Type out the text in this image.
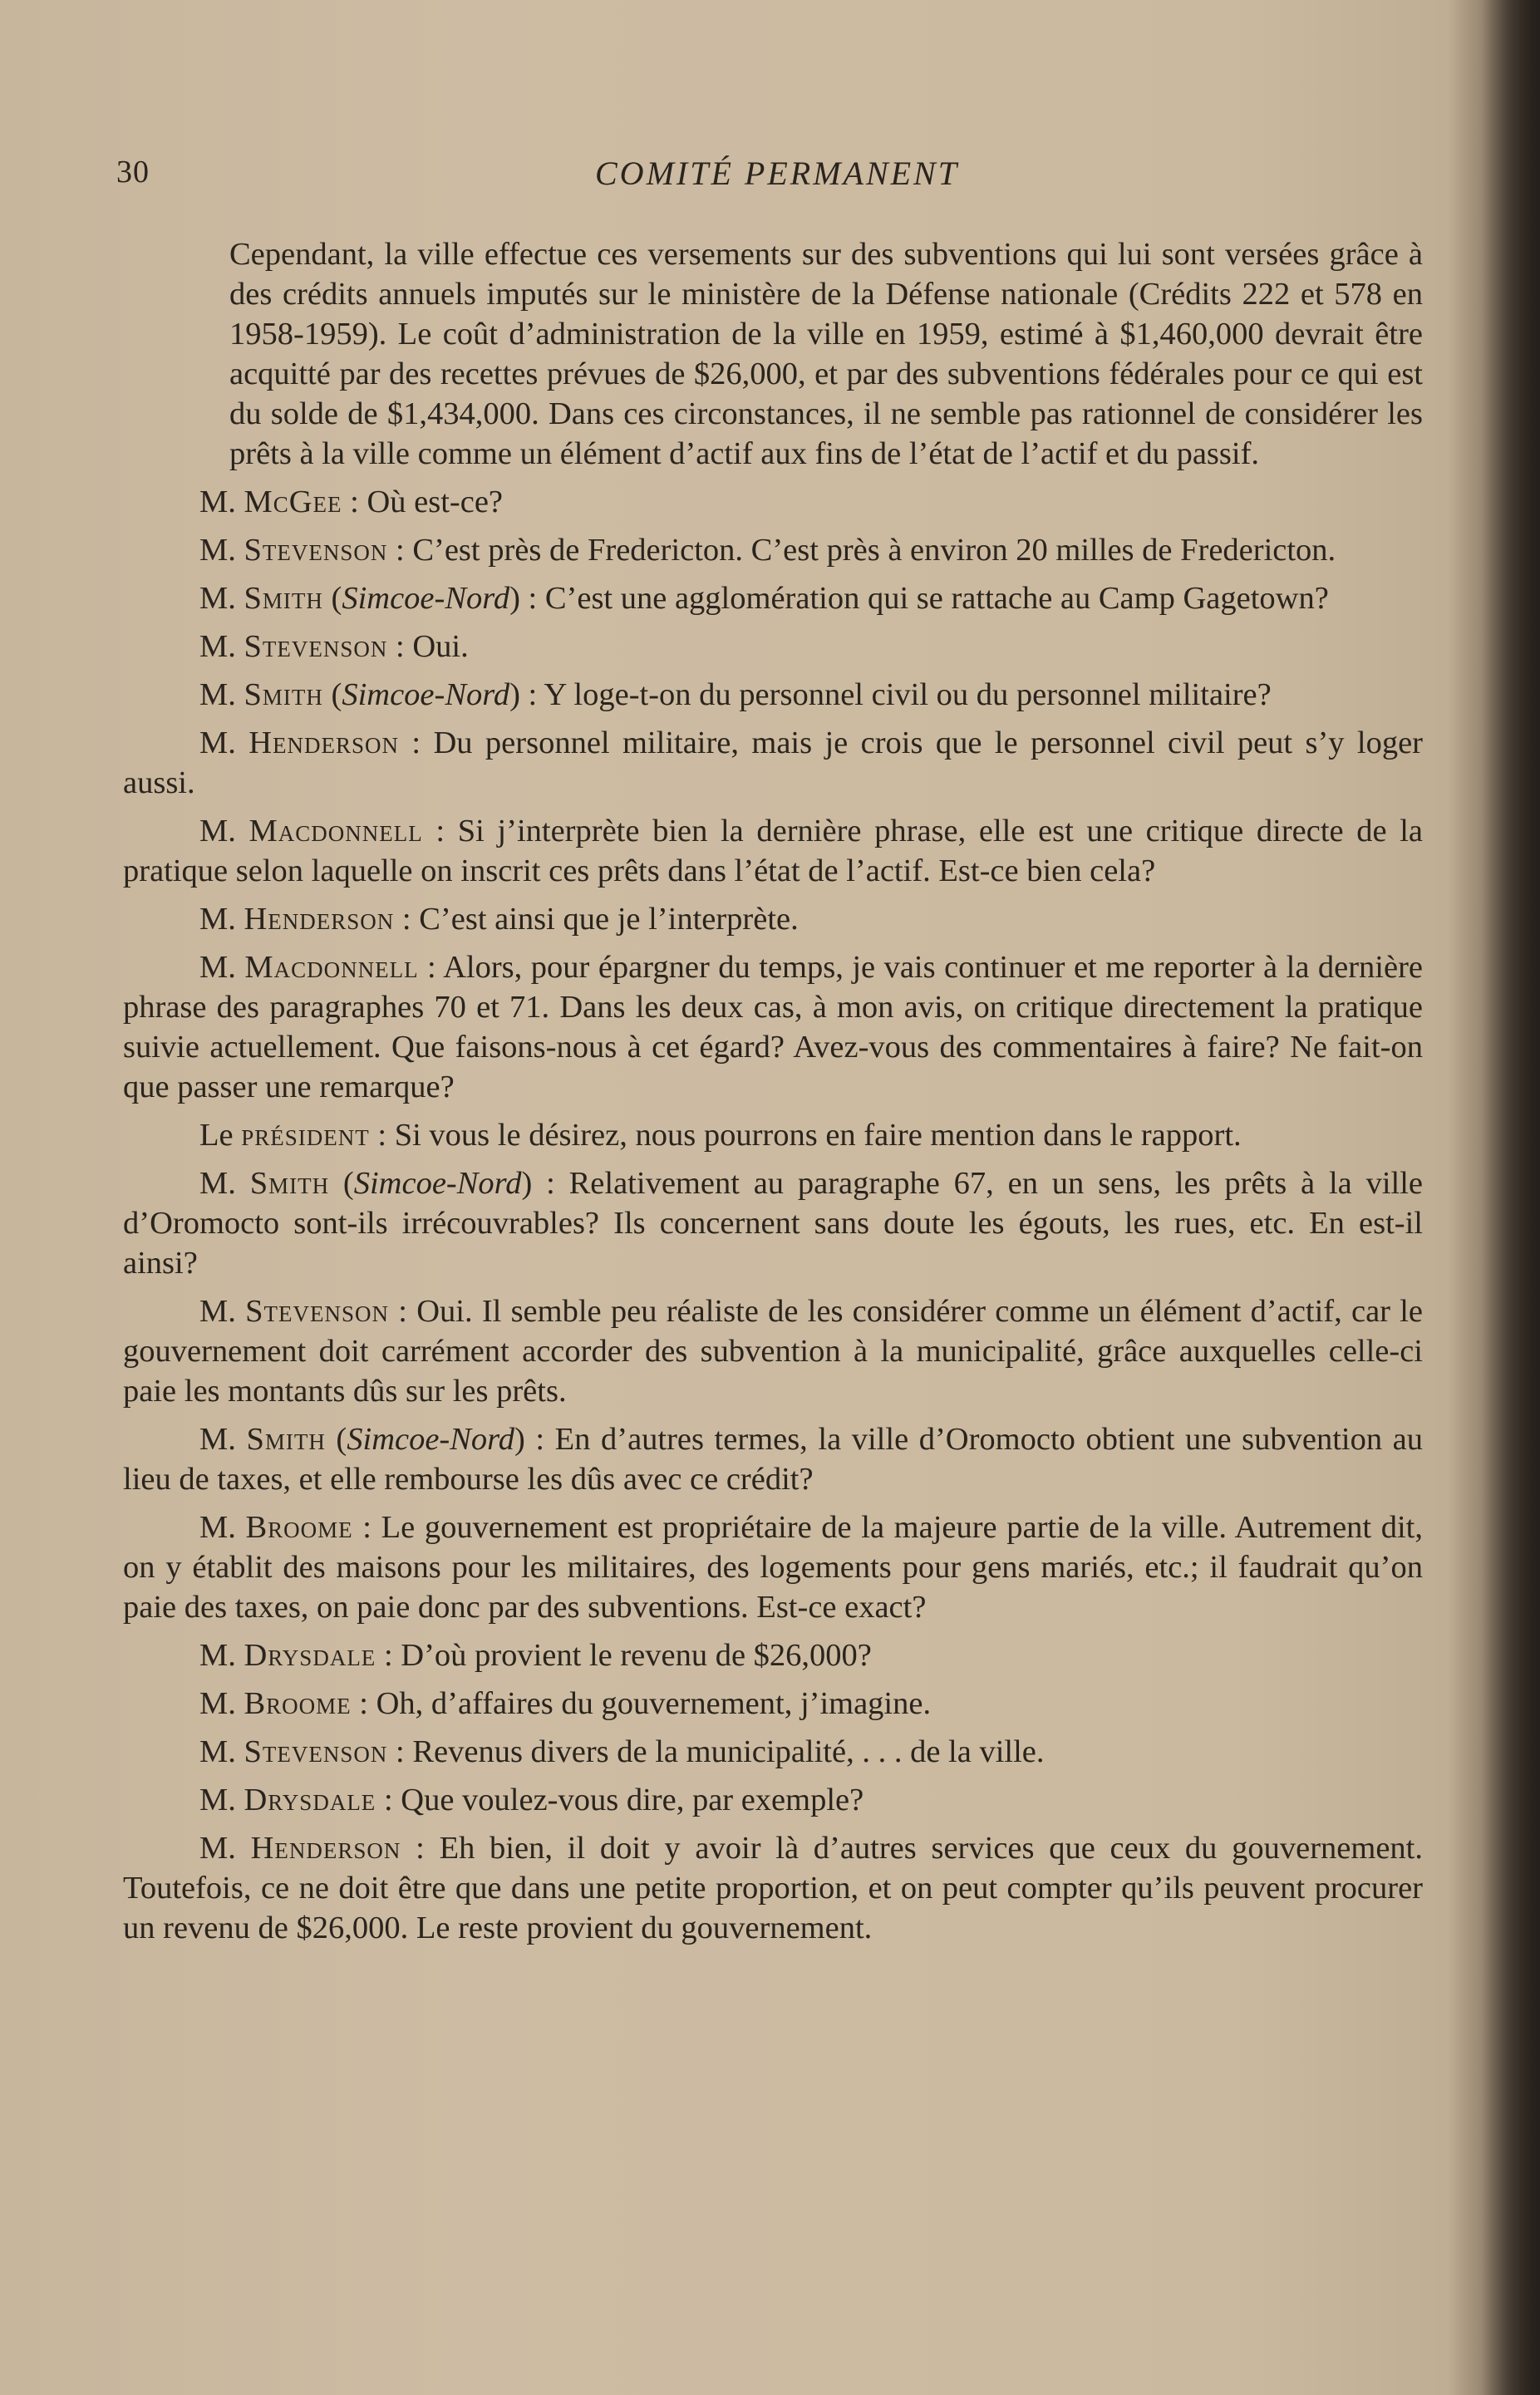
30	COMITÉ PERMANENT
Cependant, la ville effectue ces versements sur des subventions qui lui sont versées grâce à des crédits annuels imputés sur le ministère de la Défense nationale (Crédits 222 et 578 en 1958-1959). Le coût d’administration de la ville en 1959, estimé à $1,460,000 devrait être acquitté par des recettes prévues de $26,000, et par des subventions fédérales pour ce qui est du solde de $1,434,000. Dans ces circonstances, il ne semble pas rationnel de considérer les prêts à la ville comme un élément d’actif aux fins de l’état de l’actif et du passif.
M. McGee : Où est-ce?
M. Stevenson : C’est près de Fredericton. C’est près à environ 20 milles de Fredericton.
M. Smith (Simcoe-Nord) : C’est une agglomération qui se rattache au Camp Gagetown?
M. Stevenson : Oui.
M. Smith (Simcoe-Nord) : Y loge-t-on du personnel civil ou du personnel militaire?
M. Henderson : Du personnel militaire, mais je crois que le personnel civil peut s’y loger aussi.
M. Macdonnell : Si j’interprète bien la dernière phrase, elle est une critique directe de la pratique selon laquelle on inscrit ces prêts dans l’état de l’actif. Est-ce bien cela?
M. Henderson : C’est ainsi que je l’interprète.
M. Macdonnell : Alors, pour épargner du temps, je vais continuer et me reporter à la dernière phrase des paragraphes 70 et 71. Dans les deux cas, à mon avis, on critique directement la pratique suivie actuellement. Que faisons-nous à cet égard? Avez-vous des commentaires à faire? Ne fait-on que passer une remarque?
Le président : Si vous le désirez, nous pourrons en faire mention dans le rapport.
M. Smith (Simcoe-Nord) : Relativement au paragraphe 67, en un sens, les prêts à la ville d’Oromocto sont-ils irrécouvrables? Ils concernent sans doute les égouts, les rues, etc. En est-il ainsi?
M. Stevenson : Oui. Il semble peu réaliste de les considérer comme un élément d’actif, car le gouvernement doit carrément accorder des subvention à la municipalité, grâce auxquelles celle-ci paie les montants dûs sur les prêts.
M. Smith (Simcoe-Nord) : En d’autres termes, la ville d’Oromocto obtient une subvention au lieu de taxes, et elle rembourse les dûs avec ce crédit?
M. Broome : Le gouvernement est propriétaire de la majeure partie de la ville. Autrement dit, on y établit des maisons pour les militaires, des logements pour gens mariés, etc.; il faudrait qu’on paie des taxes, on paie donc par des subventions. Est-ce exact?
M. Drysdale : D’où provient le revenu de $26,000?
M. Broome : Oh, d’affaires du gouvernement, j’imagine.
M. Stevenson : Revenus divers de la municipalité, . . . de la ville.
M. Drysdale : Que voulez-vous dire, par exemple?
M. Henderson : Eh bien, il doit y avoir là d’autres services que ceux du gouvernement. Toutefois, ce ne doit être que dans une petite proportion, et on peut compter qu’ils peuvent procurer un revenu de $26,000. Le reste provient du gouvernement.
